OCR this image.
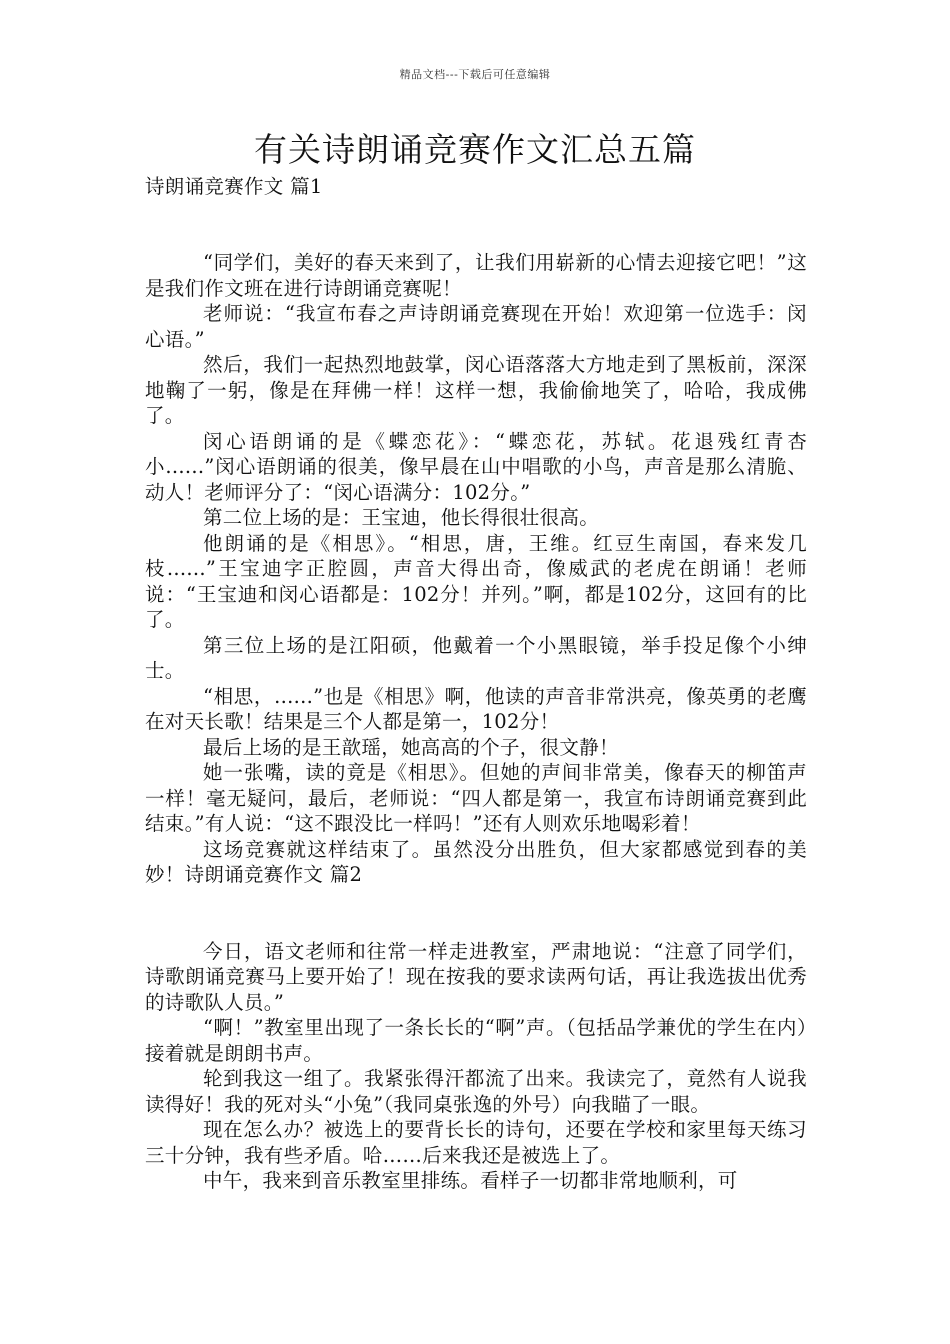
精品文档---下载后可任意编辑
有关诗朗诵竞赛作文汇总五篇
诗朗诵竞赛作文 篇1

“同学们，美好的春天来到了，让我们用崭新的心情去迎接它吧！”这是我们作文班在进行诗朗诵竞赛呢！

老师说：“我宣布春之声诗朗诵竞赛现在开始！欢迎第一位选手：闵心语。”

然后，我们一起热烈地鼓掌，闵心语落落大方地走到了黑板前，深深地鞠了一躬，像是在拜佛一样！这样一想，我偷偷地笑了，哈哈，我成佛了。

闵心语朗诵的是《蝶恋花》：“蝶恋花，苏轼。花退残红青杏小......”闵心语朗诵的很美，像早晨在山中唱歌的小鸟，声音是那么清脆、动人！老师评分了：“闵心语满分：102分。”

第二位上场的是：王宝迪，他长得很壮很高。

他朗诵的是《相思》。“相思，唐，王维。红豆生南国，春来发几枝......”王宝迪字正腔圆，声音大得出奇，像威武的老虎在朗诵！老师说：“王宝迪和闵心语都是：102分！并列。”啊，都是102分，这回有的比了。

第三位上场的是江阳硕，他戴着一个小黑眼镜，举手投足像个小绅士。

“相思，......”也是《相思》啊，他读的声音非常洪亮，像英勇的老鹰在对天长歌！结果是三个人都是第一，102分！

最后上场的是王歆瑶，她高高的个子，很文静！

她一张嘴，读的竟是《相思》。但她的声间非常美，像春天的柳笛声一样！毫无疑问，最后，老师说：“四人都是第一，我宣布诗朗诵竞赛到此结束。”有人说：“这不跟没比一样吗！”还有人则欢乐地喝彩着！

这场竞赛就这样结束了。虽然没分出胜负，但大家都感觉到春的美妙！诗朗诵竞赛作文 篇2

今日，语文老师和往常一样走进教室，严肃地说：“注意了同学们，诗歌朗诵竞赛马上要开始了！现在按我的要求读两句话，再让我选拔出优秀的诗歌队人员。”

“啊！”教室里出现了一条长长的“啊”声。（包括品学兼优的学生在内）接着就是朗朗书声。

轮到我这一组了。我紧张得汗都流了出来。我读完了，竟然有人说我读得好！我的死对头“小兔”（我同桌张逸的外号）向我瞄了一眼。

现在怎么办？被选上的要背长长的诗句，还要在学校和家里每天练习三十分钟，我有些矛盾。哈……后来我还是被选上了。

中午，我来到音乐教室里排练。看样子一切都非常地顺利，可
